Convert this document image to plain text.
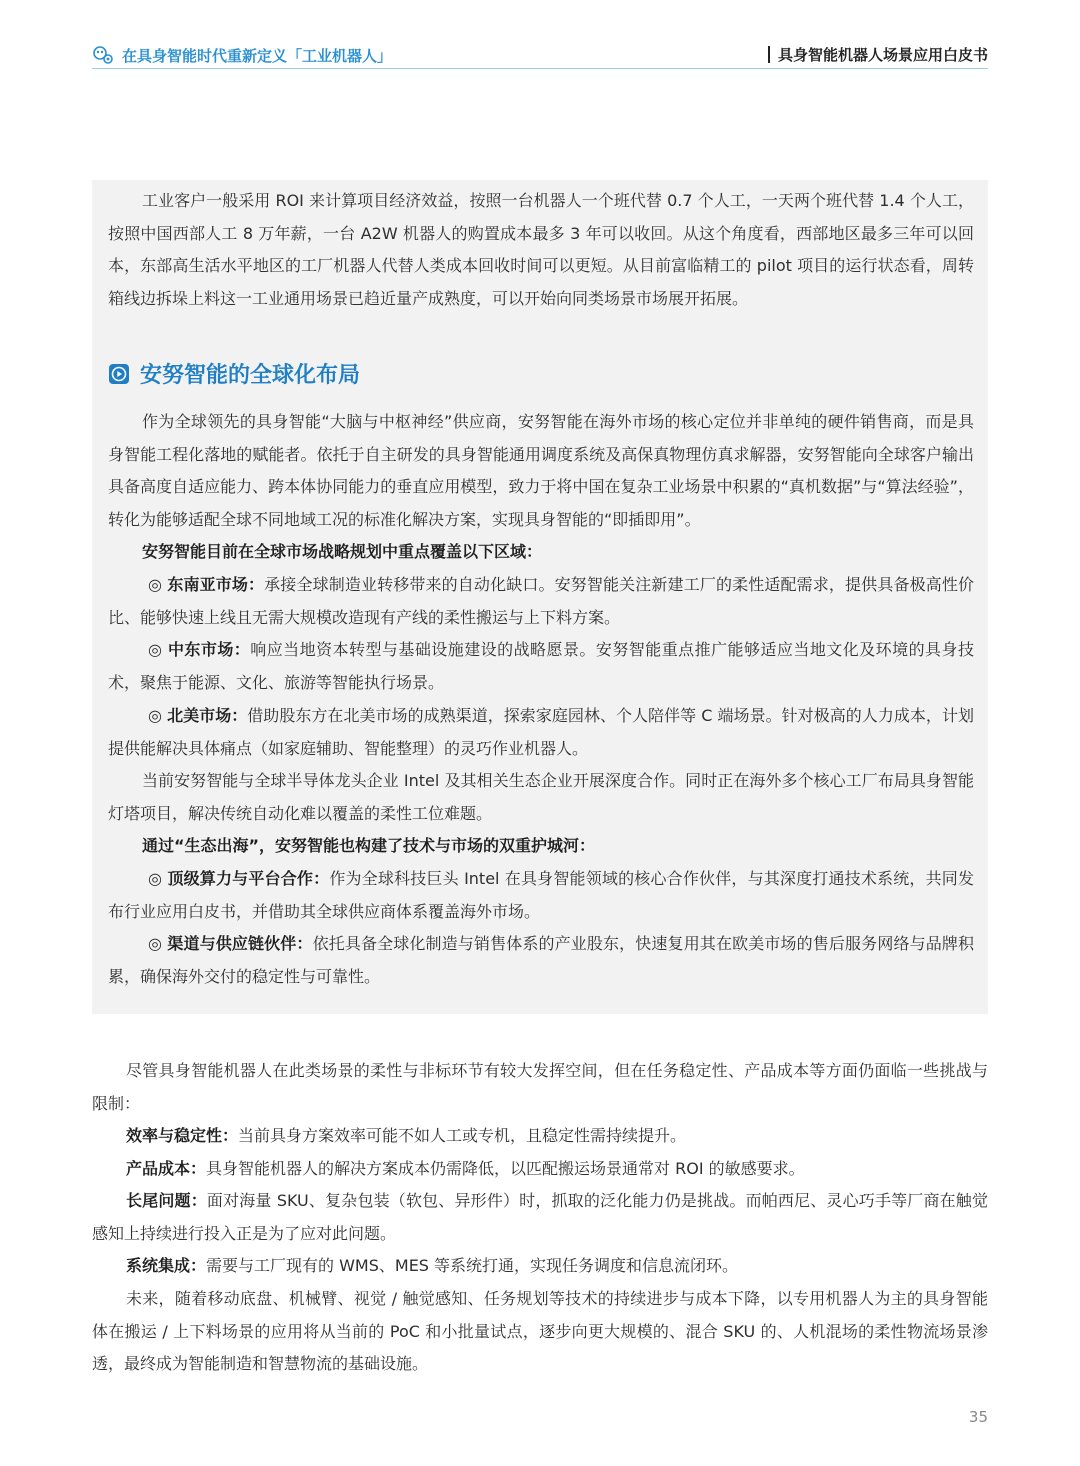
在具身智能时代重新定义「工业机器人」	具身智能机器人场景应用白皮书

工业客户一般采用 ROI 来计算项目经济效益，按照一台机器人一个班代替 0.7 个人工，一天两个班代替 1.4 个人工，按照中国西部人工 8 万年薪，一台 A2W 机器人的购置成本最多 3 年可以收回。从这个角度看，西部地区最多三年可以回本，东部高生活水平地区的工厂机器人代替人类成本回收时间可以更短。从目前富临精工的 pilot 项目的运行状态看，周转箱线边拆垛上料这一工业通用场景已趋近量产成熟度，可以开始向同类场景市场展开拓展。

安努智能的全球化布局

作为全球领先的具身智能“大脑与中枢神经”供应商，安努智能在海外市场的核心定位并非单纯的硬件销售商，而是具身智能工程化落地的赋能者。依托于自主研发的具身智能通用调度系统及高保真物理仿真求解器，安努智能向全球客户输出具备高度自适应能力、跨本体协同能力的垂直应用模型，致力于将中国在复杂工业场景中积累的“真机数据”与“算法经验”，转化为能够适配全球不同地域工况的标准化解决方案，实现具身智能的“即插即用”。

安努智能目前在全球市场战略规划中重点覆盖以下区域：

◎ 东南亚市场：承接全球制造业转移带来的自动化缺口。安努智能关注新建工厂的柔性适配需求，提供具备极高性价比、能够快速上线且无需大规模改造现有产线的柔性搬运与上下料方案。

◎ 中东市场：响应当地资本转型与基础设施建设的战略愿景。安努智能重点推广能够适应当地文化及环境的具身技术，聚焦于能源、文化、旅游等智能执行场景。

◎ 北美市场：借助股东方在北美市场的成熟渠道，探索家庭园林、个人陪伴等 C 端场景。针对极高的人力成本，计划提供能解决具体痛点（如家庭辅助、智能整理）的灵巧作业机器人。

当前安努智能与全球半导体龙头企业 Intel 及其相关生态企业开展深度合作。同时正在海外多个核心工厂布局具身智能灯塔项目，解决传统自动化难以覆盖的柔性工位难题。

通过“生态出海”，安努智能也构建了技术与市场的双重护城河：

◎ 顶级算力与平台合作：作为全球科技巨头 Intel 在具身智能领域的核心合作伙伴，与其深度打通技术系统，共同发布行业应用白皮书，并借助其全球供应商体系覆盖海外市场。

◎ 渠道与供应链伙伴：依托具备全球化制造与销售体系的产业股东，快速复用其在欧美市场的售后服务网络与品牌积累，确保海外交付的稳定性与可靠性。

尽管具身智能机器人在此类场景的柔性与非标环节有较大发挥空间，但在任务稳定性、产品成本等方面仍面临一些挑战与限制：

效率与稳定性：当前具身方案效率可能不如人工或专机，且稳定性需持续提升。

产品成本：具身智能机器人的解决方案成本仍需降低，以匹配搬运场景通常对 ROI 的敏感要求。

长尾问题：面对海量 SKU、复杂包装（软包、异形件）时，抓取的泛化能力仍是挑战。而帕西尼、灵心巧手等厂商在触觉感知上持续进行投入正是为了应对此问题。

系统集成：需要与工厂现有的 WMS、MES 等系统打通，实现任务调度和信息流闭环。

未来，随着移动底盘、机械臂、视觉 / 触觉感知、任务规划等技术的持续进步与成本下降，以专用机器人为主的具身智能体在搬运 / 上下料场景的应用将从当前的 PoC 和小批量试点，逐步向更大规模的、混合 SKU 的、人机混场的柔性物流场景渗透，最终成为智能制造和智慧物流的基础设施。

35
